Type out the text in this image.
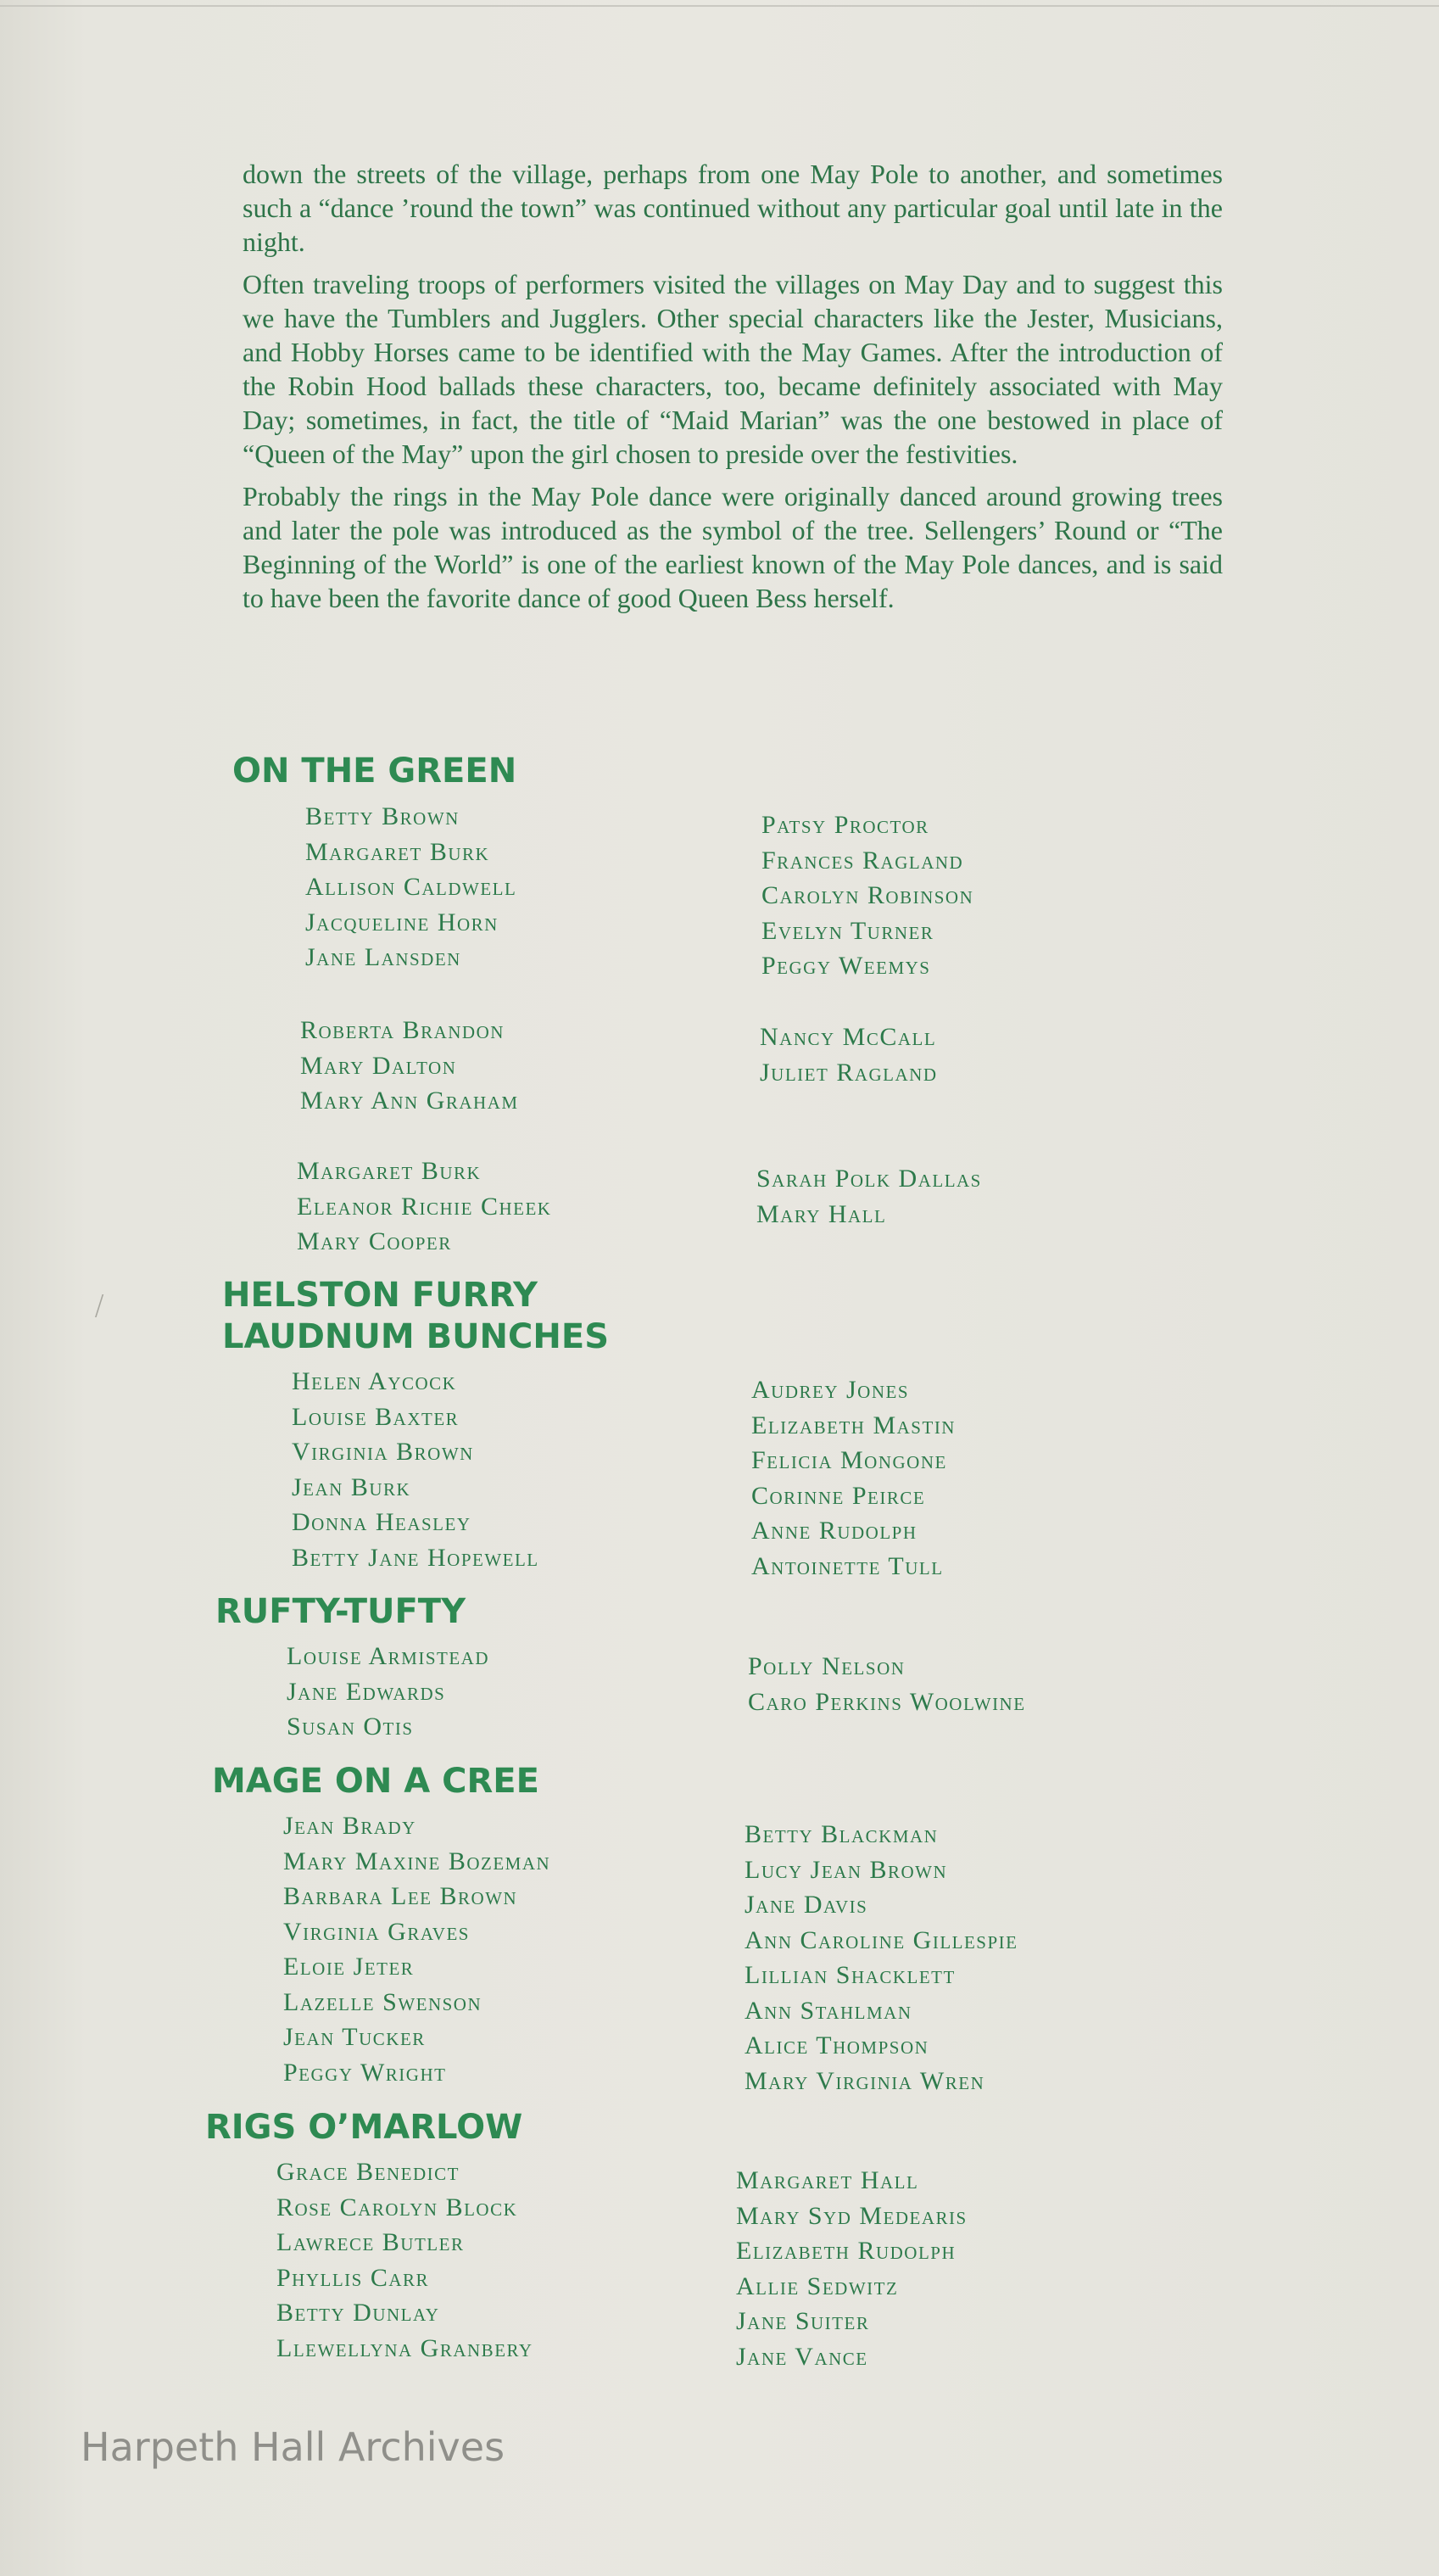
down the streets of the village, perhaps from one May Pole to another, and sometimes such a “dance ’round the town” was continued without any particular goal until late in the night.

Often traveling troops of performers visited the villages on May Day and to suggest this we have the Tumblers and Jugglers. Other special characters like the Jester, Musicians, and Hobby Horses came to be identified with the May Games. After the introduction of the Robin Hood ballads these characters, too, became definitely associated with May Day; sometimes, in fact, the title of “Maid Marian” was the one bestowed in place of “Queen of the May” upon the girl chosen to preside over the festivities.

Probably the rings in the May Pole dance were originally danced around growing trees and later the pole was introduced as the symbol of the tree. Sellengers’ Round or “The Beginning of the World” is one of the earliest known of the May Pole dances, and is said to have been the favorite dance of good Queen Bess herself.

ON THE GREEN
Betty Brown
Margaret Burk
Allison Caldwell
Jacqueline Horn
Jane Lansden
Patsy Proctor
Frances Ragland
Carolyn Robinson
Evelyn Turner
Peggy Weemys
Roberta Brandon
Mary Dalton
Mary Ann Graham
Nancy McCall
Juliet Ragland
Margaret Burk
Eleanor Richie Cheek
Mary Cooper
Sarah Polk Dallas
Mary Hall
HELSTON FURRY
LAUDNUM BUNCHES
Helen Aycock
Louise Baxter
Virginia Brown
Jean Burk
Donna Heasley
Betty Jane Hopewell
Audrey Jones
Elizabeth Mastin
Felicia Mongone
Corinne Peirce
Anne Rudolph
Antoinette Tull
RUFTY-TUFTY
Louise Armistead
Jane Edwards
Susan Otis
Polly Nelson
Caro Perkins Woolwine
MAGE ON A CREE
Jean Brady
Mary Maxine Bozeman
Barbara Lee Brown
Virginia Graves
Eloie Jeter
Lazelle Swenson
Jean Tucker
Peggy Wright
Betty Blackman
Lucy Jean Brown
Jane Davis
Ann Caroline Gillespie
Lillian Shacklett
Ann Stahlman
Alice Thompson
Mary Virginia Wren
RIGS O’MARLOW
Grace Benedict
Rose Carolyn Block
Lawrece Butler
Phyllis Carr
Betty Dunlay
Llewellyna Granbery
Margaret Hall
Mary Syd Medearis
Elizabeth Rudolph
Allie Sedwitz
Jane Suiter
Jane Vance
⧸
Harpeth Hall Archives
